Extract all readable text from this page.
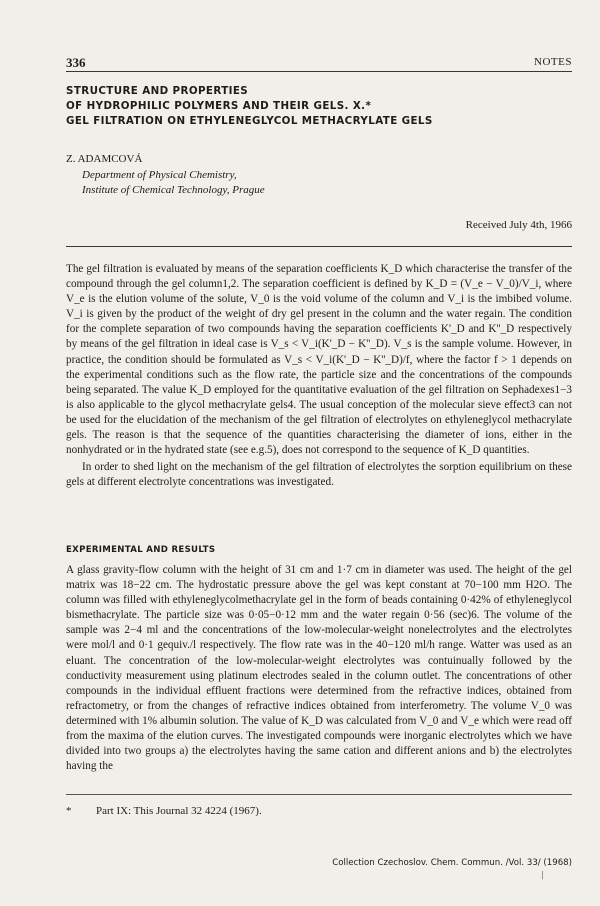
336	NOTES
STRUCTURE AND PROPERTIES
OF HYDROPHILIC POLYMERS AND THEIR GELS. X.*
GEL FILTRATION ON ETHYLENEGLYCOL METHACRYLATE GELS
Z. ADAMCOVÁ
Department of Physical Chemistry,
Institute of Chemical Technology, Prague
Received July 4th, 1966

The gel filtration is evaluated by means of the separation coefficients K_D which characterise the transfer of the compound through the gel column1,2. The separation coefficient is defined by K_D = (V_e − V_0)/V_i, where V_e is the elution volume of the solute, V_0 is the void volume of the column and V_i is the imbibed volume. V_i is given by the product of the weight of dry gel present in the column and the water regain. The condition for the complete separation of two compounds having the separation coefficients K'_D and K''_D respectively by means of the gel filtration in ideal case is V_s < V_i(K'_D − K''_D). V_s is the sample volume. However, in practice, the condition should be formulated as V_s < V_i(K'_D − K''_D)/f, where the factor f > 1 depends on the experimental conditions such as the flow rate, the particle size and the concentrations of the compounds being separated. The value K_D employed for the quantitative evaluation of the gel filtration on Sephadexes1−3 is also applicable to the glycol methacrylate gels4. The usual conception of the molecular sieve effect3 can not be used for the elucidation of the mechanism of the gel filtration of electrolytes on ethyleneglycol methacrylate gels. The reason is that the sequence of the quantities characterising the diameter of ions, either in the nonhydrated or in the hydrated state (see e.g.5), does not correspond to the sequence of K_D quantities.

In order to shed light on the mechanism of the gel filtration of electrolytes the sorption equilibrium on these gels at different electrolyte concentrations was investigated.

EXPERIMENTAL AND RESULTS

A glass gravity-flow column with the height of 31 cm and 1·7 cm in diameter was used. The height of the gel matrix was 18−22 cm. The hydrostatic pressure above the gel was kept constant at 70−100 mm H2O. The column was filled with ethyleneglycolmethacrylate gel in the form of beads containing 0·42% of ethyleneglycol bismethacrylate. The particle size was 0·05−0·12 mm and the water regain 0·56 (sec)6. The volume of the sample was 2−4 ml and the concentrations of the low-molecular-weight nonelectrolytes and the electrolytes were mol/l and 0·1 gequiv./l respectively. The flow rate was in the 40−120 ml/h range. Watter was used as an eluant. The concentration of the low-molecular-weight electrolytes was contuinually followed by the conductivity measurement using platinum electrodes sealed in the column outlet. The concentrations of other compounds in the individual effluent fractions were determined from the refractive indices, obtained from refractometry, or from the changes of refractive indices obtained from interferometry. The volume V_0 was determined with 1% albumin solution. The value of K_D was calculated from V_0 and V_e which were read off from the maxima of the elution curves. The investigated compounds were inorganic electrolytes which we have divided into two groups a) the electrolytes having the same cation and different anions and b) the electrolytes having the

* Part IX: This Journal 32 4224 (1967).
Collection Czechoslov. Chem. Commun. /Vol. 33/ (1968)
/
